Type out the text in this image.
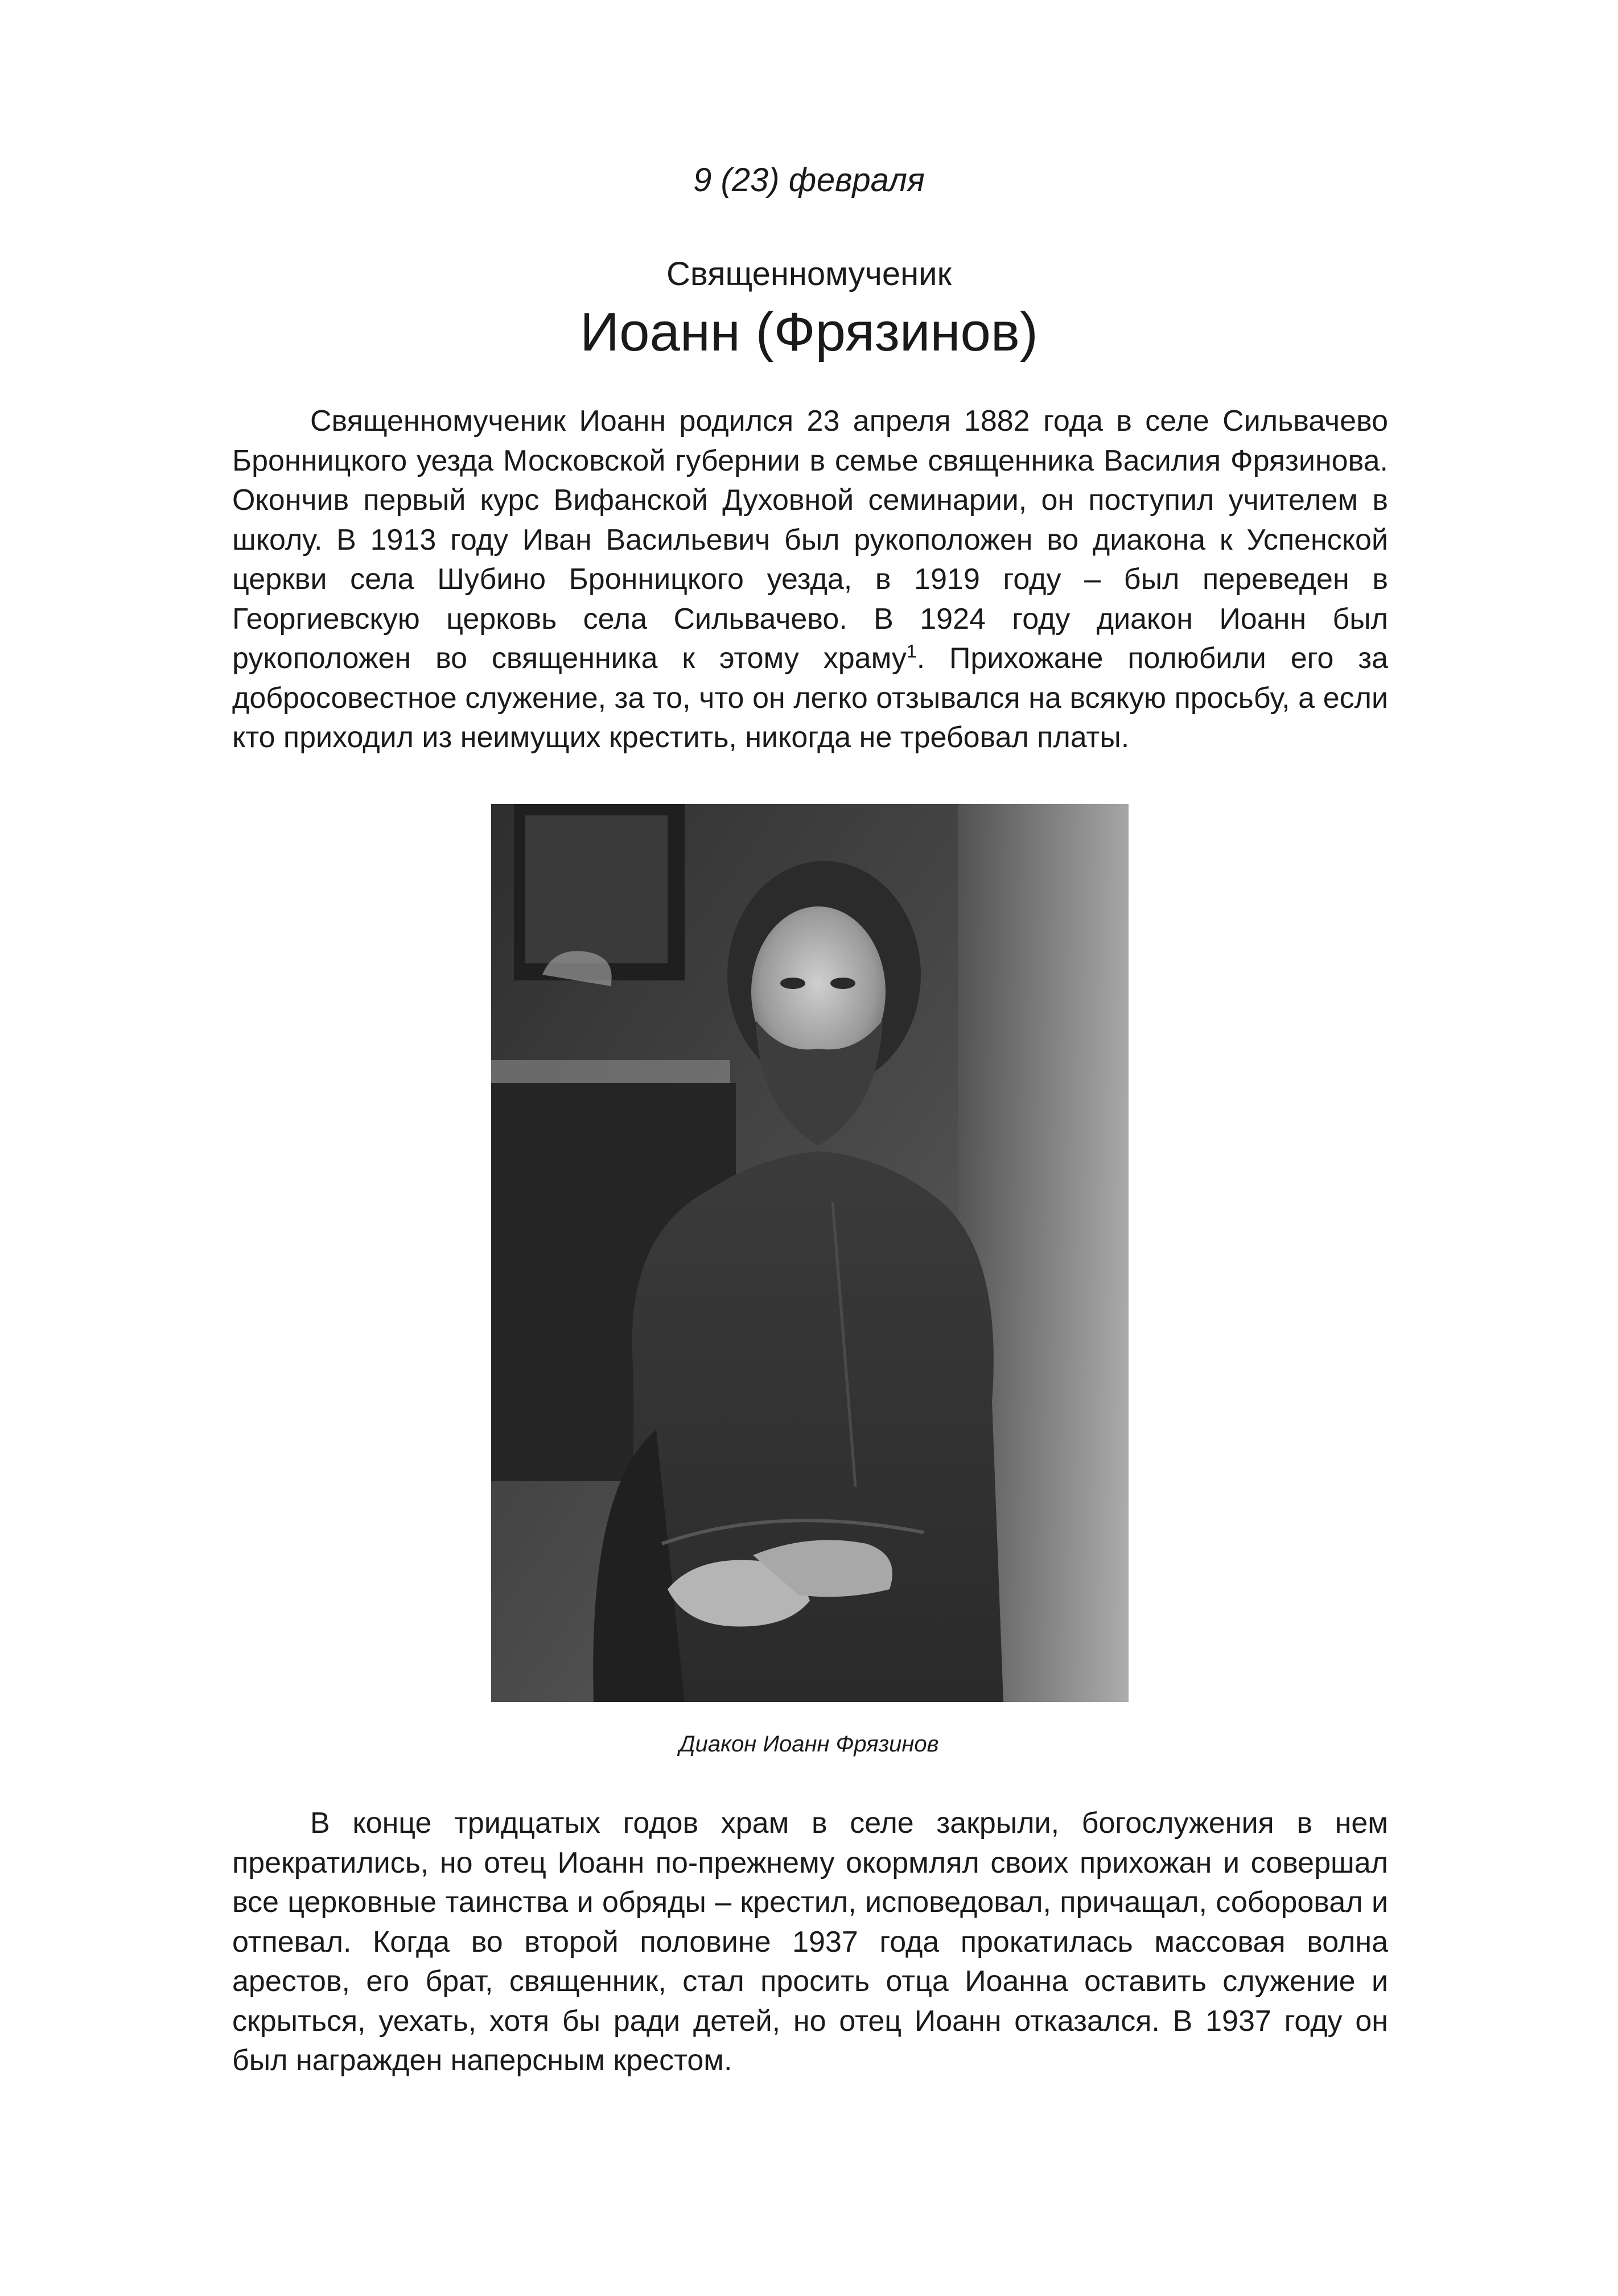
9 (23) февраля
Священномученик
Иоанн (Фрязинов)

Священномученик Иоанн родился 23 апреля 1882 года в селе Сильвачево Бронницкого уезда Московской губернии в семье священника Василия Фрязинова. Окончив первый курс Вифанской Духовной семинарии, он поступил учителем в школу. В 1913 году Иван Васильевич был рукоположен во диакона к Успенской церкви села Шубино Бронницкого уезда, в 1919 году – был переведен в Георгиевскую церковь села Сильвачево. В 1924 году диакон Иоанн был рукоположен во священника к этому храму$^1$. Прихожане полюбили его за добросовестное служение, за то, что он легко отзывался на всякую просьбу, а если кто приходил из неимущих крестить, никогда не требовал платы.

Диакон Иоанн Фрязинов

В конце тридцатых годов храм в селе закрыли, богослужения в нем прекратились, но отец Иоанн по-прежнему окормлял своих прихожан и совершал все церковные таинства и обряды – крестил, исповедовал, причащал, соборовал и отпевал. Когда во второй половине 1937 года прокатилась массовая волна арестов, его брат, священник, стал просить отца Иоанна оставить служение и скрыться, уехать, хотя бы ради детей, но отец Иоанн отказался. В 1937 году он был награжден наперсным крестом.
